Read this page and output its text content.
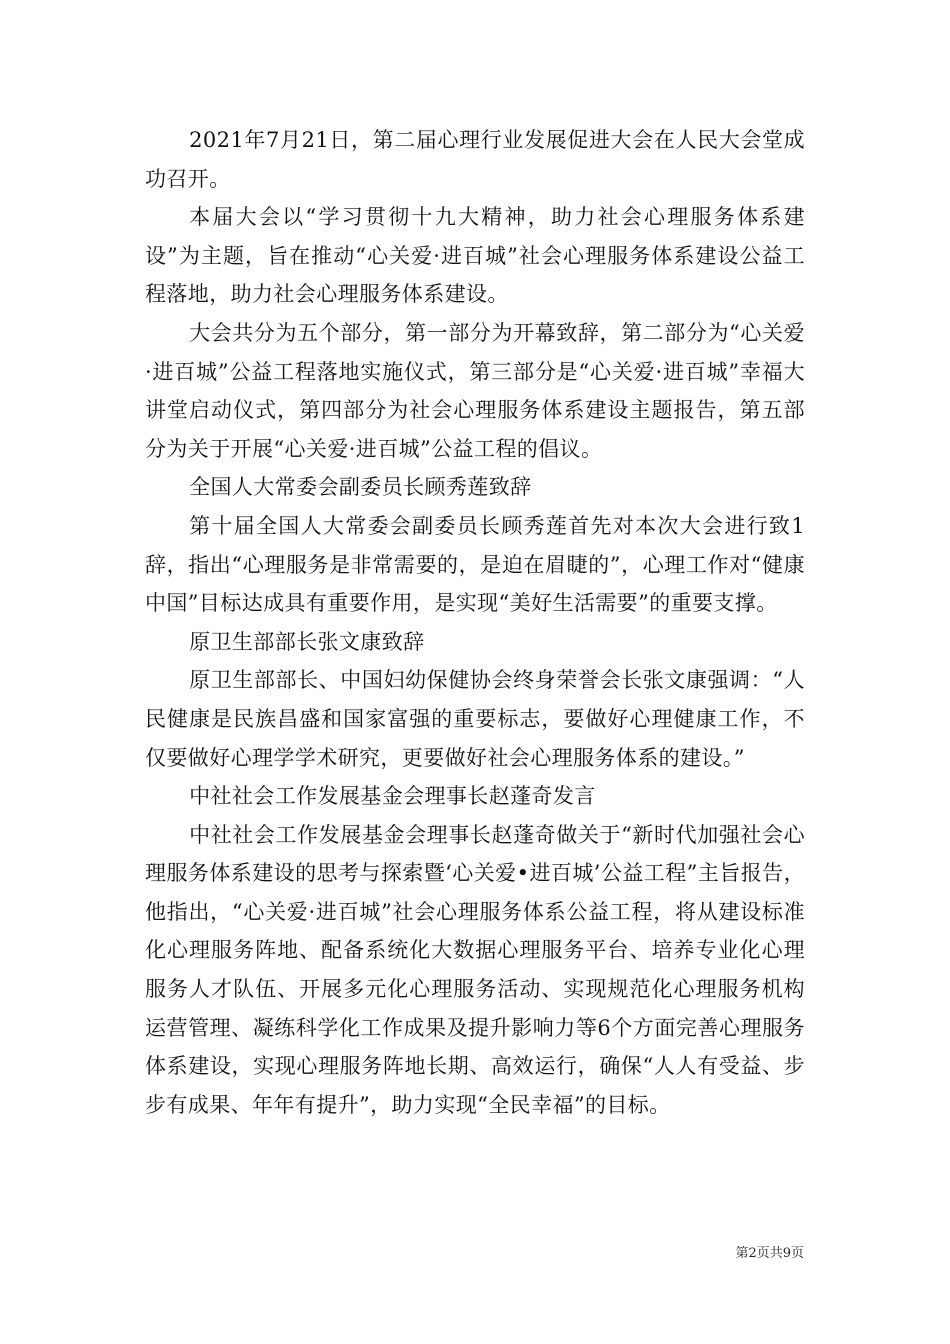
2021年7月21日，第二届心理行业发展促进大会在人民大会堂成功召开。

本届大会以“学习贯彻十九大精神，助力社会心理服务体系建设”为主题，旨在推动“心关爱·进百城”社会心理服务体系建设公益工程落地，助力社会心理服务体系建设。

大会共分为五个部分，第一部分为开幕致辞，第二部分为“心关爱·进百城”公益工程落地实施仪式，第三部分是“心关爱·进百城”幸福大讲堂启动仪式，第四部分为社会心理服务体系建设主题报告，第五部分为关于开展“心关爱·进百城”公益工程的倡议。

全国人大常委会副委员长顾秀莲致辞

第十届全国人大常委会副委员长顾秀莲首先对本次大会进行致1辞，指出“心理服务是非常需要的，是迫在眉睫的”，心理工作对“健康中国”目标达成具有重要作用，是实现“美好生活需要”的重要支撑。

原卫生部部长张文康致辞

原卫生部部长、中国妇幼保健协会终身荣誉会长张文康强调：“人民健康是民族昌盛和国家富强的重要标志，要做好心理健康工作，不仅要做好心理学学术研究，更要做好社会心理服务体系的建设。”

中社社会工作发展基金会理事长赵蓬奇发言

中社社会工作发展基金会理事长赵蓬奇做关于“新时代加强社会心理服务体系建设的思考与探索暨‘心关爱•进百城’公益工程”主旨报告，他指出，“心关爱·进百城”社会心理服务体系公益工程，将从建设标准化心理服务阵地、配备系统化大数据心理服务平台、培养专业化心理服务人才队伍、开展多元化心理服务活动、实现规范化心理服务机构运营管理、凝练科学化工作成果及提升影响力等6个方面完善心理服务体系建设，实现心理服务阵地长期、高效运行，确保“人人有受益、步步有成果、年年有提升”，助力实现“全民幸福”的目标。

第2页共9页
